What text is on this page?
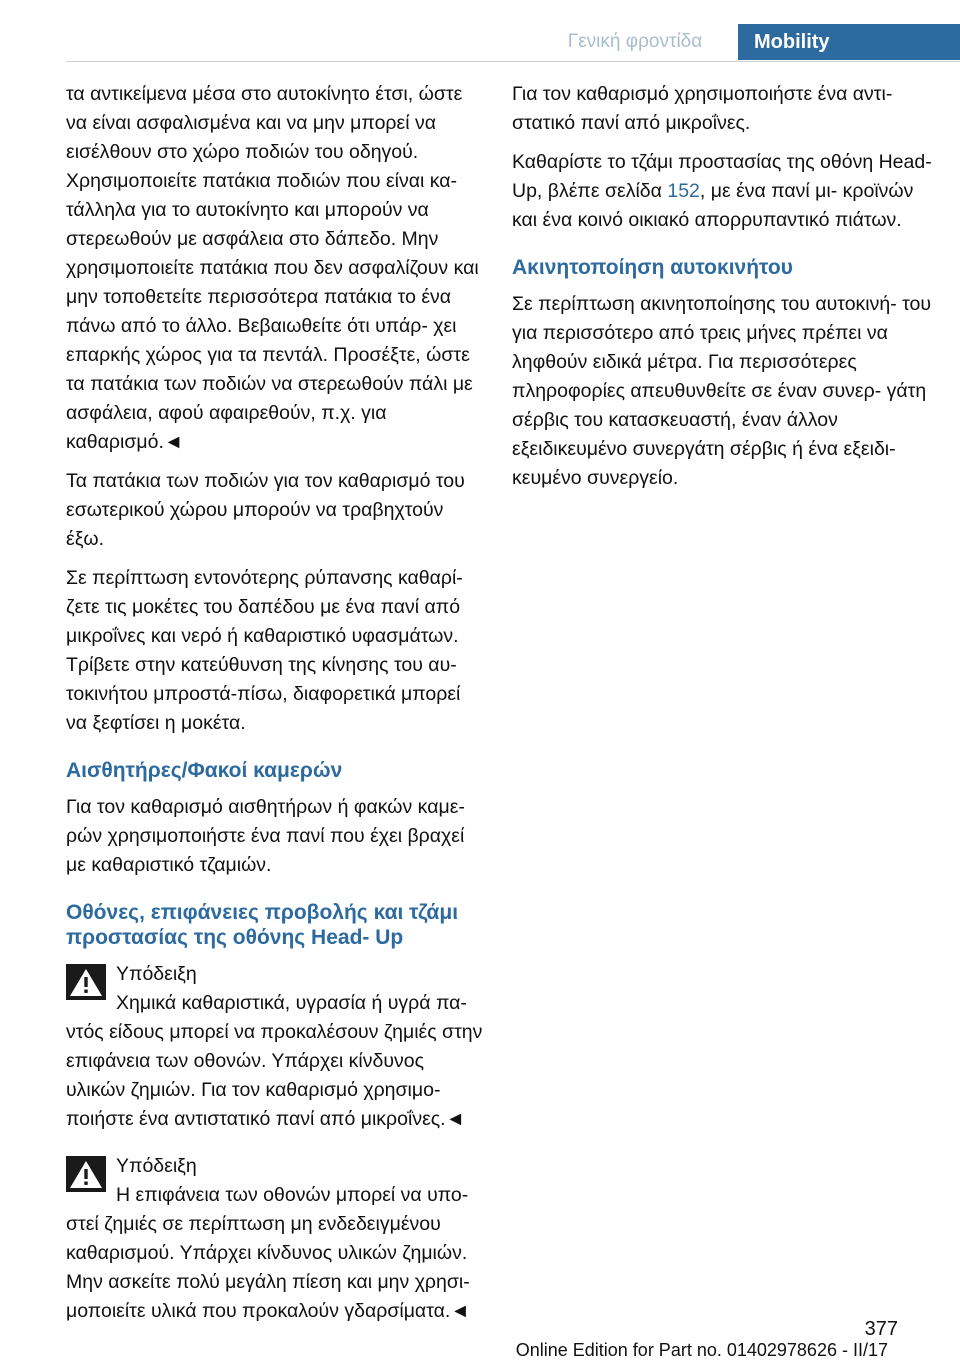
Γενική φροντίδα	Mobility

τα αντικείμενα μέσα στο αυτοκίνητο έτσι, ώστε να είναι ασφαλισμένα και να μην μπορεί να εισέλθουν στο χώρο ποδιών του οδηγού. Χρησιμοποιείτε πατάκια ποδιών που είναι κα- τάλληλα για το αυτοκίνητο και μπορούν να στερεωθούν με ασφάλεια στο δάπεδο. Μην χρησιμοποιείτε πατάκια που δεν ασφαλίζουν και μην τοποθετείτε περισσότερα πατάκια το ένα πάνω από το άλλο. Βεβαιωθείτε ότι υπάρ- χει επαρκής χώρος για τα πεντάλ. Προσέξτε, ώστε τα πατάκια των ποδιών να στερεωθούν πάλι με ασφάλεια, αφού αφαιρεθούν, π.χ. για καθαρισμό.◄

Τα πατάκια των ποδιών για τον καθαρισμό του εσωτερικού χώρου μπορούν να τραβηχτούν έξω.

Σε περίπτωση εντονότερης ρύπανσης καθαρί- ζετε τις μοκέτες του δαπέδου με ένα πανί από μικροΐνες και νερό ή καθαριστικό υφασμάτων. Τρίβετε στην κατεύθυνση της κίνησης του αυ- τοκινήτου μπροστά-πίσω, διαφορετικά μπορεί να ξεφτίσει η μοκέτα.

Αισθητήρες/Φακοί καμερών

Για τον καθαρισμό αισθητήρων ή φακών καμε- ρών χρησιμοποιήστε ένα πανί που έχει βραχεί με καθαριστικό τζαμιών.

Οθόνες, επιφάνειες προβολής και τζάμι προστασίας της οθόνης Head- Up

Υπόδειξη

Χημικά καθαριστικά, υγρασία ή υγρά πα-
ντός είδους μπορεί να προκαλέσουν ζημιές στην επιφάνεια των οθονών. Υπάρχει κίνδυνος υλικών ζημιών. Για τον καθαρισμό χρησιμο- ποιήστε ένα αντιστατικό πανί από μικροΐνες.◄

Υπόδειξη

Η επιφάνεια των οθονών μπορεί να υπο-
στεί ζημιές σε περίπτωση μη ενδεδειγμένου καθαρισμού. Υπάρχει κίνδυνος υλικών ζημιών. Μην ασκείτε πολύ μεγάλη πίεση και μην χρησι- μοποιείτε υλικά που προκαλούν γδαρσίματα.◄

Για τον καθαρισμό χρησιμοποιήστε ένα αντι- στατικό πανί από μικροΐνες.

Καθαρίστε το τζάμι προστασίας της οθόνη Head-Up, βλέπε σελίδα 152, με ένα πανί μι- κροϊνών και ένα κοινό οικιακό απορρυπαντικό πιάτων.

Ακινητοποίηση αυτοκινήτου

Σε περίπτωση ακινητοποίησης του αυτοκινή- του για περισσότερο από τρεις μήνες πρέπει να ληφθούν ειδικά μέτρα. Για περισσότερες πληροφορίες απευθυνθείτε σε έναν συνερ- γάτη σέρβις του κατασκευαστή, έναν άλλον εξειδικευμένο συνεργάτη σέρβις ή ένα εξειδι- κευμένο συνεργείο.

377
Online Edition for Part no. 01402978626 - II/17
